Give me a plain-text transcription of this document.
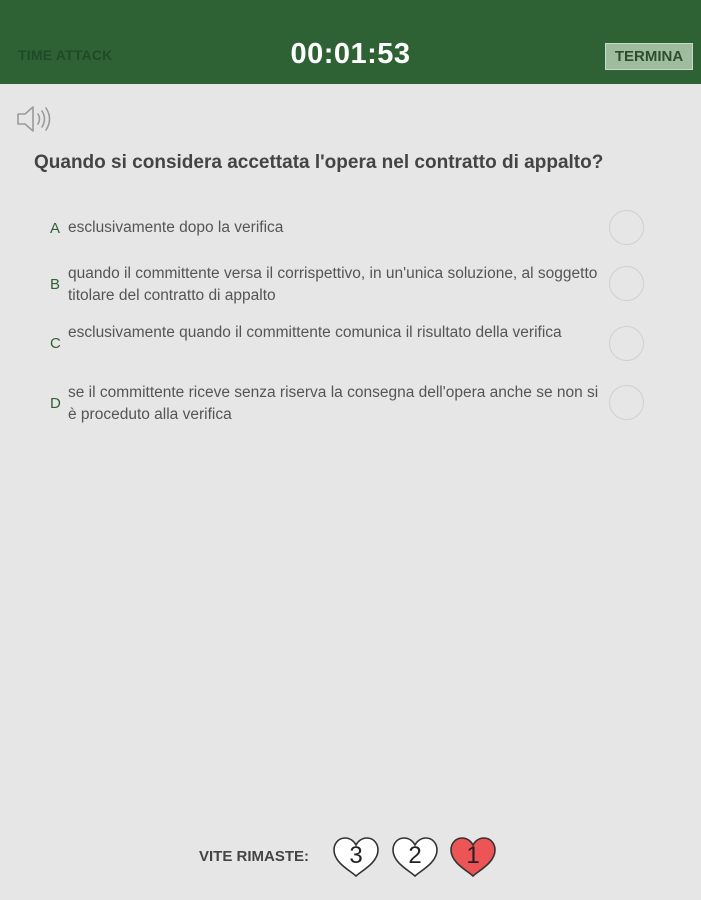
TIME ATTACK	00:01:53	TERMINA
Quando si considera accettata l'opera nel contratto di appalto?
A esclusivamente dopo la verifica
B
quando il committente versa il corrispettivo, in un'unica soluzione, al soggetto titolare del contratto di appalto
C
esclusivamente quando il committente comunica il risultato della verifica
D
se il committente riceve senza riserva la consegna dell'opera anche se non si è proceduto alla verifica
VITE RIMASTE:	3	2	1
